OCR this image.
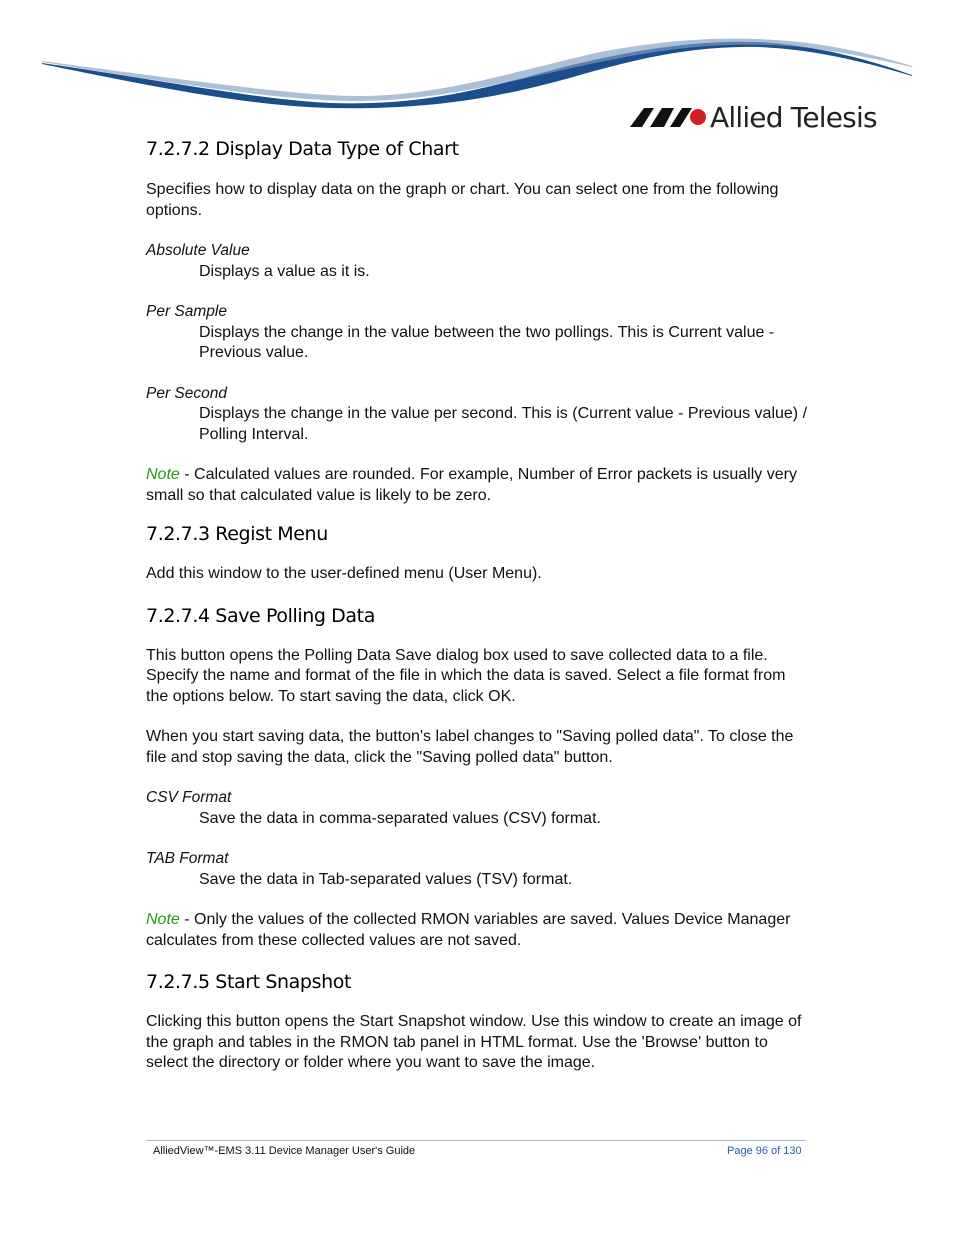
Allied Telesis
7.2.7.2 Display Data Type of Chart

Specifies how to display data on the graph or chart. You can select one from the following options.

Absolute Value

Displays a value as it is.

Per Sample

Displays the change in the value between the two pollings. This is Current value - Previous value.

Per Second

Displays the change in the value per second. This is (Current value - Previous value) / Polling Interval.

Note - Calculated values are rounded. For example, Number of Error packets is usually very small so that calculated value is likely to be zero.

7.2.7.3 Regist Menu

Add this window to the user-defined menu (User Menu).

7.2.7.4 Save Polling Data

This button opens the Polling Data Save dialog box used to save collected data to a file. Specify the name and format of the file in which the data is saved. Select a file format from the options below. To start saving the data, click OK.

When you start saving data, the button's label changes to "Saving polled data". To close the file and stop saving the data, click the "Saving polled data" button.

CSV Format

Save the data in comma-separated values (CSV) format.

TAB Format

Save the data in Tab-separated values (TSV) format.

Note - Only the values of the collected RMON variables are saved. Values Device Manager calculates from these collected values are not saved.

7.2.7.5 Start Snapshot

Clicking this button opens the Start Snapshot window. Use this window to create an image of the graph and tables in the RMON tab panel in HTML format. Use the 'Browse' button to select the directory or folder where you want to save the image.

AlliedView™-EMS 3.11 Device Manager User's Guide	Page 96 of 130
